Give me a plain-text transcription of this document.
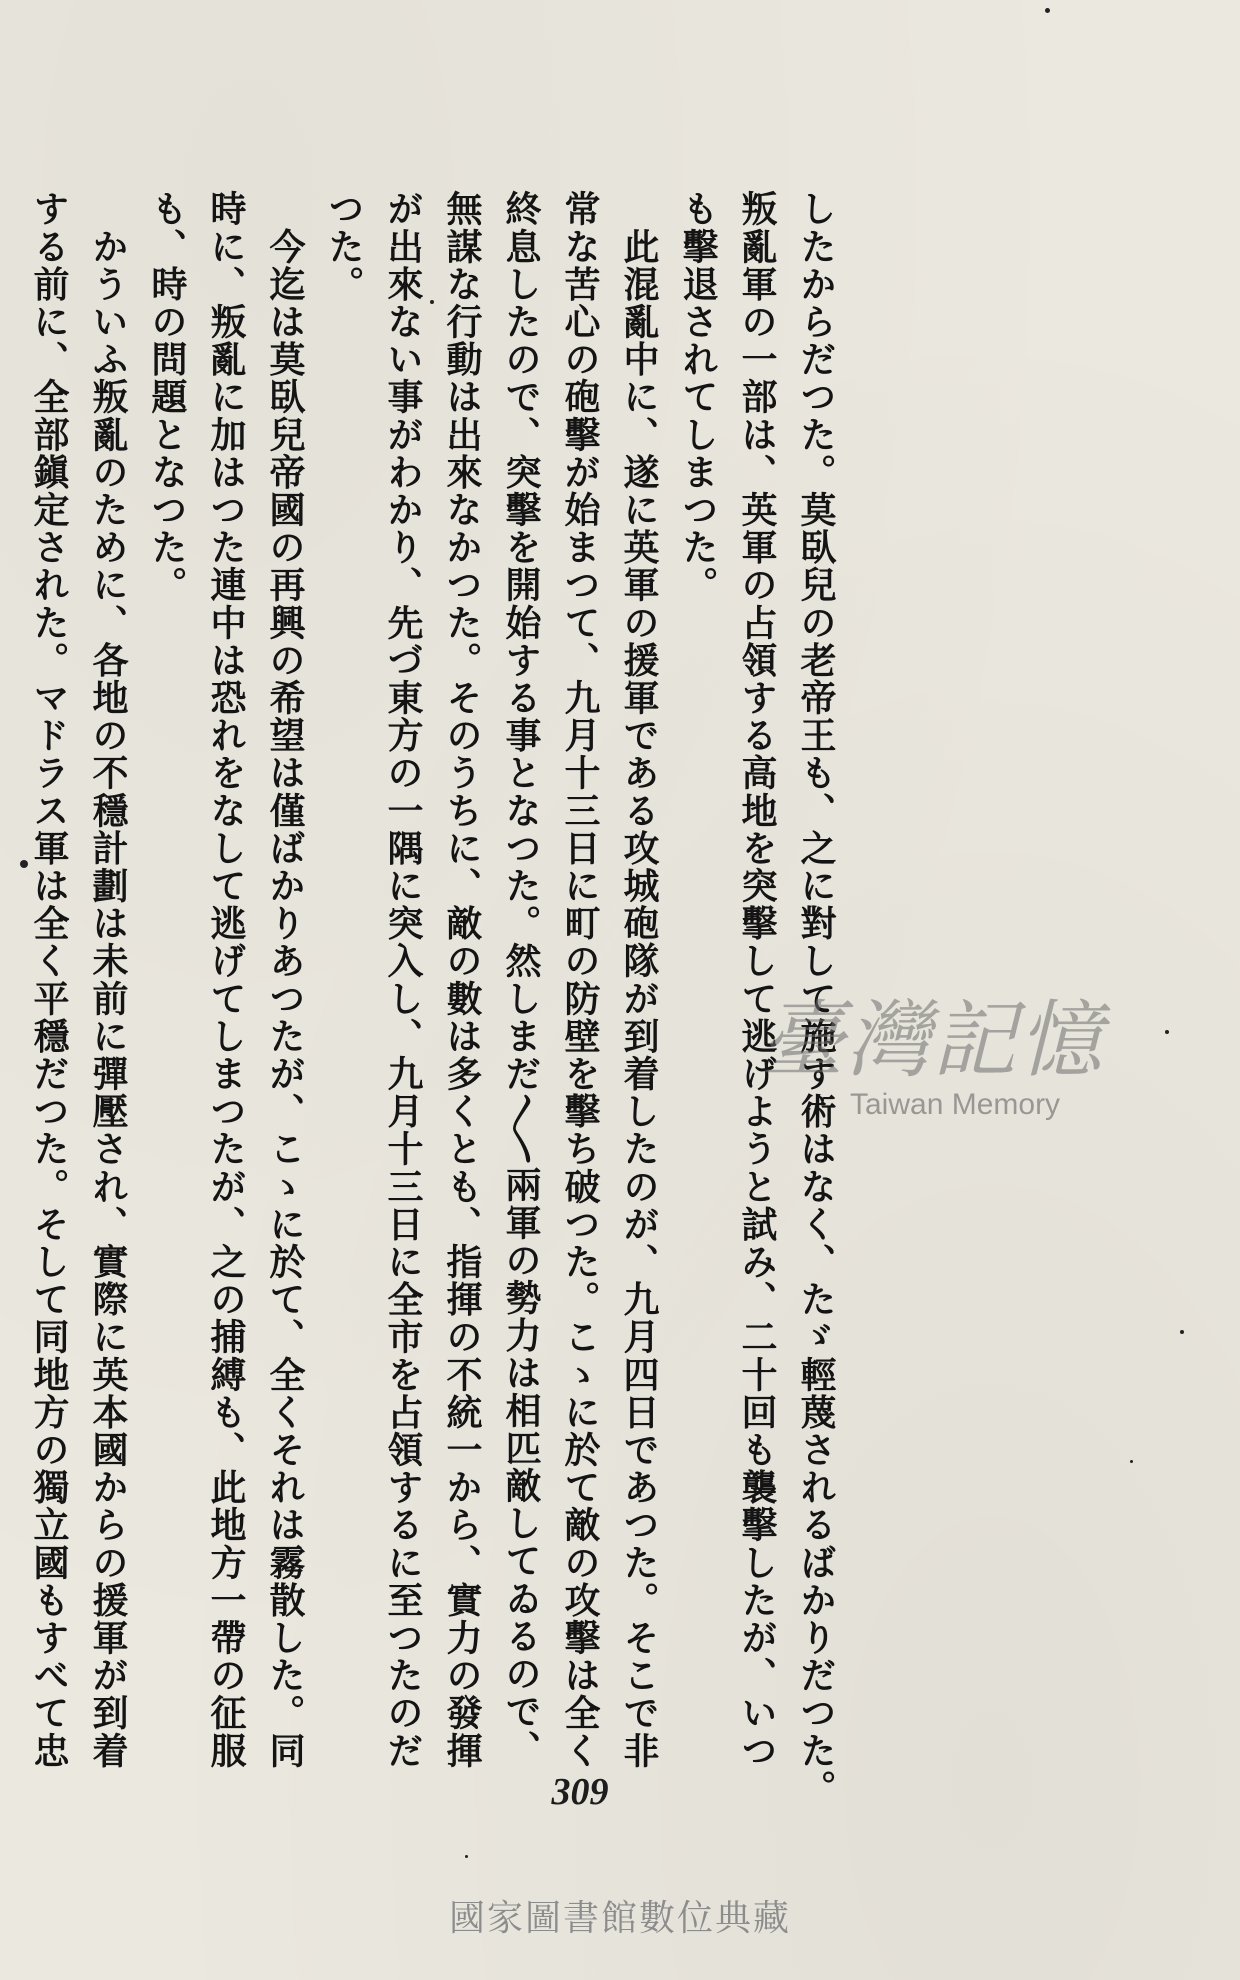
したからだつた。莫臥兒の老帝王も、之に對して施す術はなく、たゞ輕蔑されるばかりだつた。

叛亂軍の一部は、英軍の占領する高地を突擊して逃げようと試み、二十回も襲擊したが、いつ

も擊退されてしまつた。

　此混亂中に、遂に英軍の援軍である攻城砲隊が到着したのが、九月四日であつた。そこで非

常な苦心の砲擊が始まつて、九月十三日に町の防壁を擊ち破つた。こゝに於て敵の攻擊は全く

終息したので、突擊を開始する事となつた。然しまだ〳〵兩軍の勢力は相匹敵してゐるので、

無謀な行動は出來なかつた。そのうちに、敵の數は多くとも、指揮の不統一から、實力の發揮

が出來ない事がわかり、先づ東方の一隅に突入し、九月十三日に全市を占領するに至つたのだ

つた。

　今迄は莫臥兒帝國の再興の希望は僅ばかりあつたが、こゝに於て、全くそれは霧散した。同

時に、叛亂に加はつた連中は恐れをなして逃げてしまつたが、之の捕縛も、此地方一帶の征服

も、時の問題となつた。

　かういふ叛亂のために、各地の不穩計劃は未前に彈壓され、實際に英本國からの援軍が到着

する前に、全部鎭定された。マドラス軍は全く平穩だつた。そして同地方の獨立國もすべて忠	臺灣記憶
Taiwan Memory
309
國家圖書館數位典藏
